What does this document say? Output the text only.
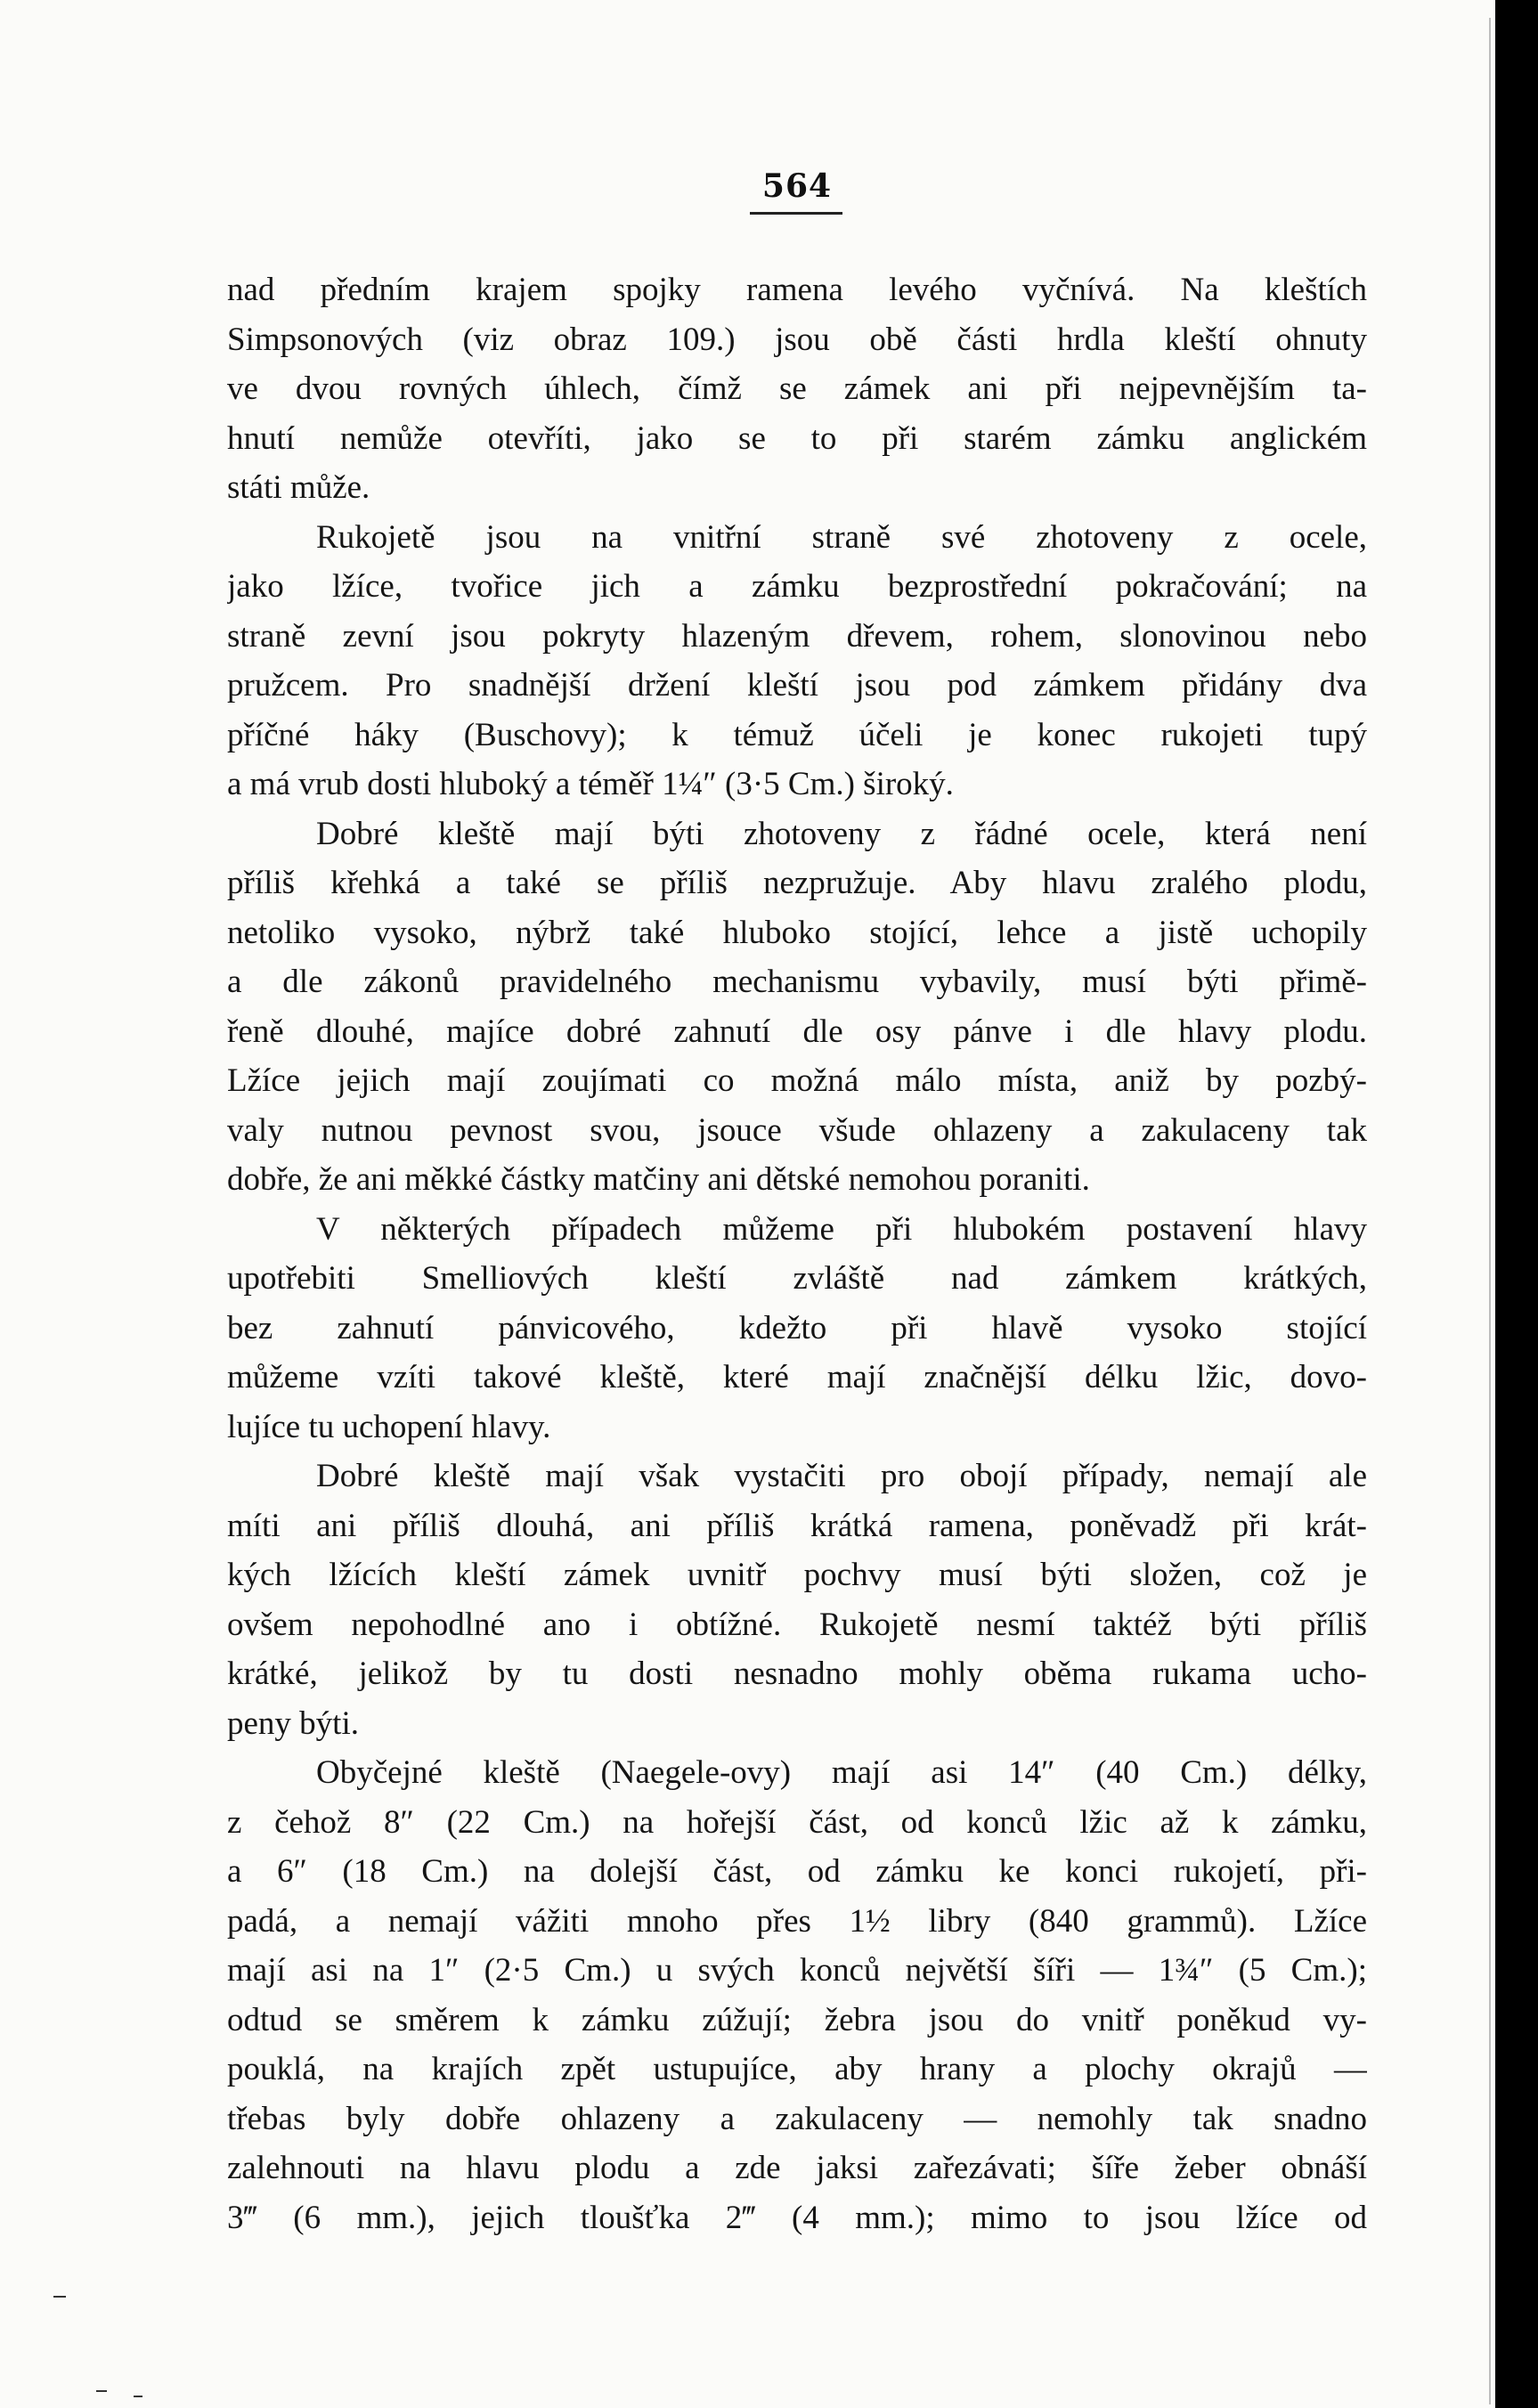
564
nad předním krajem spojky ramena levého vyčnívá. Na kleštích
Simpsonových (viz obraz 109.) jsou obě části hrdla kleští ohnuty
ve dvou rovných úhlech, čímž se zámek ani při nejpevnějším ta-
hnutí nemůže otevříti, jako se to při starém zámku anglickém
státi může.
Rukojetě jsou na vnitřní straně své zhotoveny z ocele,
jako lžíce, tvořice jich a zámku bezprostřední pokračování; na
straně zevní jsou pokryty hlazeným dřevem, rohem, slonovinou nebo
pružcem. Pro snadnější držení kleští jsou pod zámkem přidány dva
příčné háky (Buschovy); k témuž účeli je konec rukojeti tupý
a má vrub dosti hluboký a téměř 1¼″ (3·5 Cm.) široký.
Dobré kleště mají býti zhotoveny z řádné ocele, která není
příliš křehká a také se příliš nezpružuje. Aby hlavu zralého plodu,
netoliko vysoko, nýbrž také hluboko stojící, lehce a jistě uchopily
a dle zákonů pravidelného mechanismu vybavily, musí býti přimě-
řeně dlouhé, majíce dobré zahnutí dle osy pánve i dle hlavy plodu.
Lžíce jejich mají zoujímati co možná málo místa, aniž by pozbý-
valy nutnou pevnost svou, jsouce všude ohlazeny a zakulaceny tak
dobře, že ani měkké částky matčiny ani dětské nemohou poraniti.
V některých případech můžeme při hlubokém postavení hlavy
upotřebiti Smelliových kleští zvláště nad zámkem krátkých,
bez zahnutí pánvicového, kdežto při hlavě vysoko stojící
můžeme vzíti takové kleště, které mají značnější délku lžic, dovo-
lujíce tu uchopení hlavy.
Dobré kleště mají však vystačiti pro obojí případy, nemají ale
míti ani příliš dlouhá, ani příliš krátká ramena, poněvadž při krát-
kých lžících kleští zámek uvnitř pochvy musí býti složen, což je
ovšem nepohodlné ano i obtížné. Rukojetě nesmí taktéž býti příliš
krátké, jelikož by tu dosti nesnadno mohly oběma rukama ucho-
peny býti.
Obyčejné kleště (Naegele-ovy) mají asi 14″ (40 Cm.) délky,
z čehož 8″ (22 Cm.) na hořejší část, od konců lžic až k zámku,
a 6″ (18 Cm.) na dolejší část, od zámku ke konci rukojetí, při-
padá, a nemají vážiti mnoho přes 1½ libry (840 grammů). Lžíce
mají asi na 1″ (2·5 Cm.) u svých konců největší šíři — 1¾″ (5 Cm.);
odtud se směrem k zámku zúžují; žebra jsou do vnitř poněkud vy-
pouklá, na krajích zpět ustupujíce, aby hrany a plochy okrajů —
třebas byly dobře ohlazeny a zakulaceny — nemohly tak snadno
zalehnouti na hlavu plodu a zde jaksi zařezávati; šíře žeber obnáší
3‴ (6 mm.), jejich tloušťka 2‴ (4 mm.); mimo to jsou lžíce od
